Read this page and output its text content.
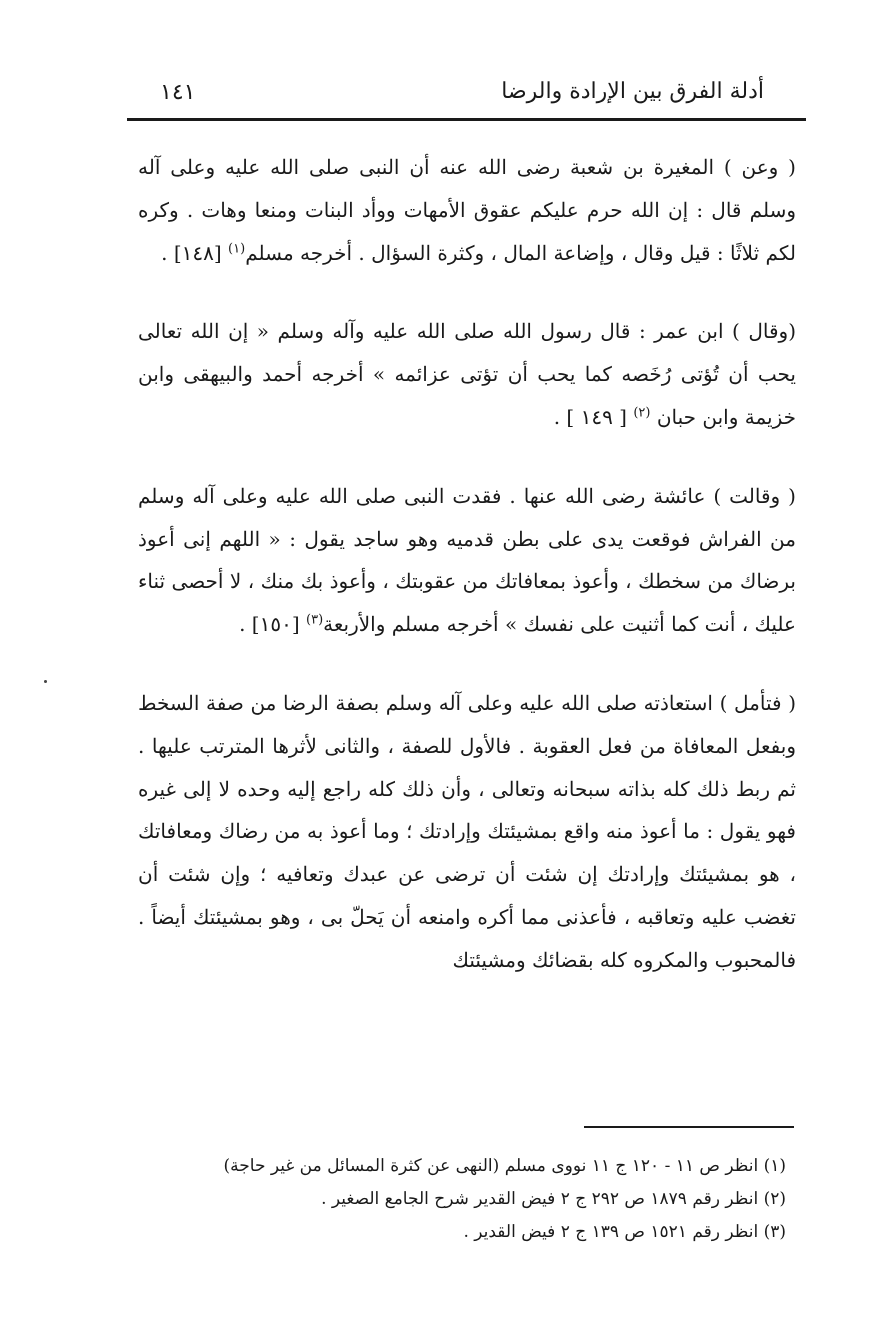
أدلة الفرق بين الإرادة والرضا
١٤١

( وعن ) المغيرة بن شعبة رضى الله عنه أن النبى صلى الله عليه وعلى آله وسلم قال : إن الله حرم عليكم عقوق الأمهات ووأد البنات ومنعا وهات . وكره لكم ثلاثًا : قيل وقال ، وإضاعة المال ، وكثرة السؤال . أخرجه مسلم$^{(١)}$ [١٤٨] .

(وقال ) ابن عمر : قال رسول الله صلى الله عليه وآله وسلم « إن الله تعالى يحب أن تُؤتى رُخَصه كما يحب أن تؤتى عزائمه » أخرجه أحمد والبيهقى وابن خزيمة وابن حبان $^{(٢)}$ [ ١٤٩ ] .

( وقالت ) عائشة رضى الله عنها . فقدت النبى صلى الله عليه وعلى آله وسلم من الفراش فوقعت يدى على بطن قدميه وهو ساجد يقول : « اللهم إنى أعوذ برضاك من سخطك ، وأعوذ بمعافاتك من عقوبتك ، وأعوذ بك منك ، لا أحصى ثناء عليك ، أنت كما أثنيت على نفسك » أخرجه مسلم والأربعة$^{(٣)}$ [١٥٠] .

( فتأمل ) استعاذته صلى الله عليه وعلى آله وسلم بصفة الرضا من صفة السخط وبفعل المعافاة من فعل العقوبة . فالأول للصفة ، والثانى لأثرها المترتب عليها . ثم ربط ذلك كله بذاته سبحانه وتعالى ، وأن ذلك كله راجع إليه وحده لا إلى غيره فهو يقول : ما أعوذ منه واقع بمشيئتك وإرادتك ؛ وما أعوذ به من رضاك ومعافاتك ، هو بمشيئتك وإرادتك إن شئت أن ترضى عن عبدك وتعافيه ؛ وإن شئت أن تغضب عليه وتعاقبه ، فأعذنى مما أكره وامنعه أن يَحلّ بى ، وهو بمشيئتك أيضاً . فالمحبوب والمكروه كله بقضائك ومشيئتك

(١) انظر ص ١١ - ١٢٠ ج ١١ نووى مسلم (النهى عن كثرة المسائل من غير حاجة)
(٢) انظر رقم ١٨٧٩ ص ٢٩٢ ج ٢ فيض القدير شرح الجامع الصغير .
(٣) انظر رقم ١٥٢١ ص ١٣٩ ج ٢ فيض القدير .
